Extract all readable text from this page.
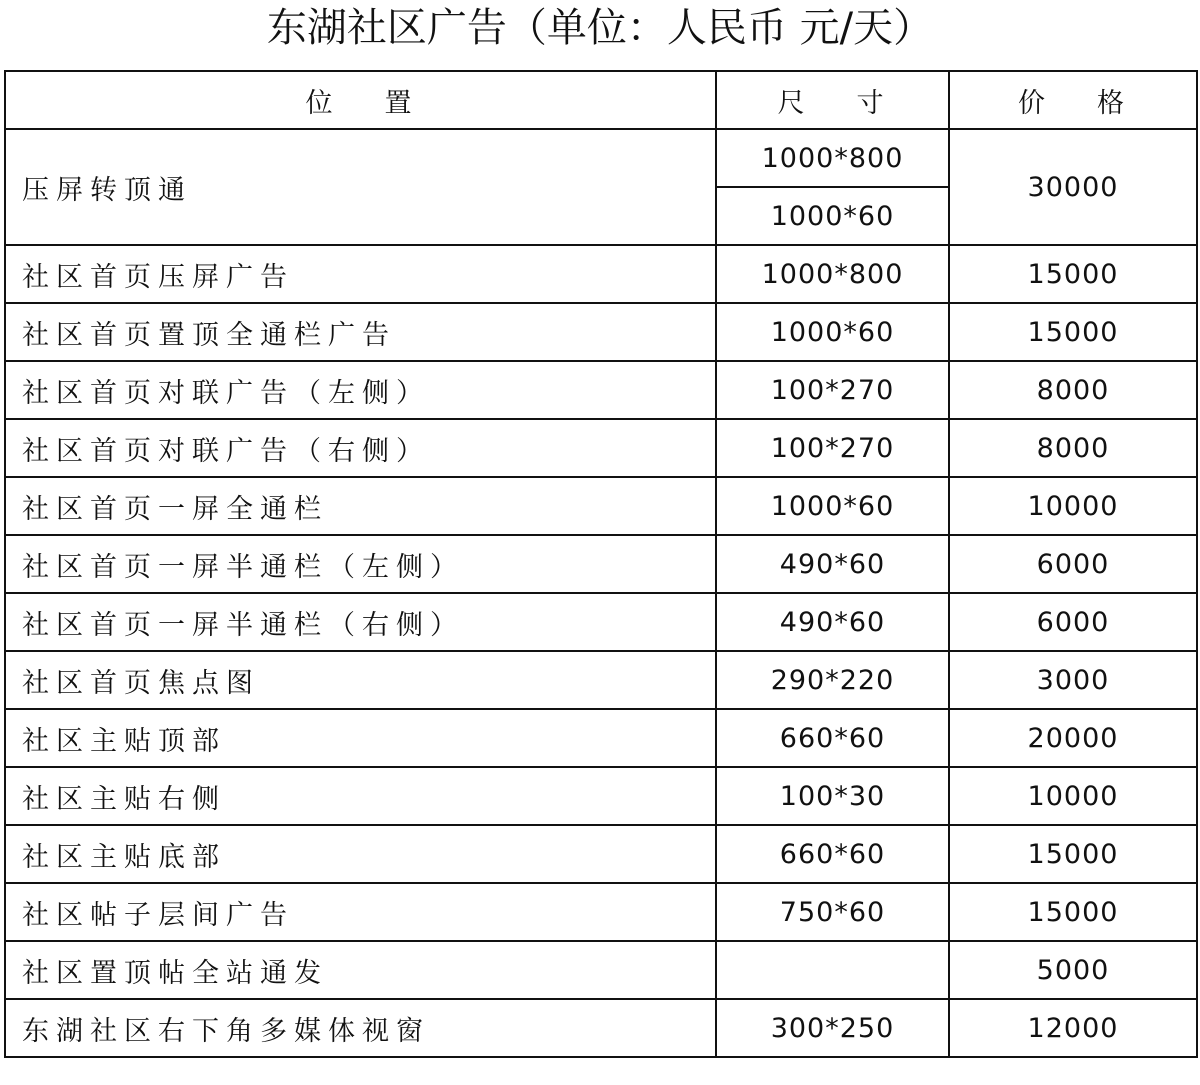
东湖社区广告（单位：人民币 元/天）
位 置	尺 寸	价 格
压屏转顶通	1000*800	30000
	1000*60	
社区首页压屏广告	1000*800	15000
社区首页置顶全通栏广告	1000*60	15000
社区首页对联广告（左侧）	100*270	8000
社区首页对联广告（右侧）	100*270	8000
社区首页一屏全通栏	1000*60	10000
社区首页一屏半通栏（左侧）	490*60	6000
社区首页一屏半通栏（右侧）	490*60	6000
社区首页焦点图	290*220	3000
社区主贴顶部	660*60	20000
社区主贴右侧	100*30	10000
社区主贴底部	660*60	15000
社区帖子层间广告	750*60	15000
社区置顶帖全站通发		5000
东湖社区右下角多媒体视窗	300*250	12000
